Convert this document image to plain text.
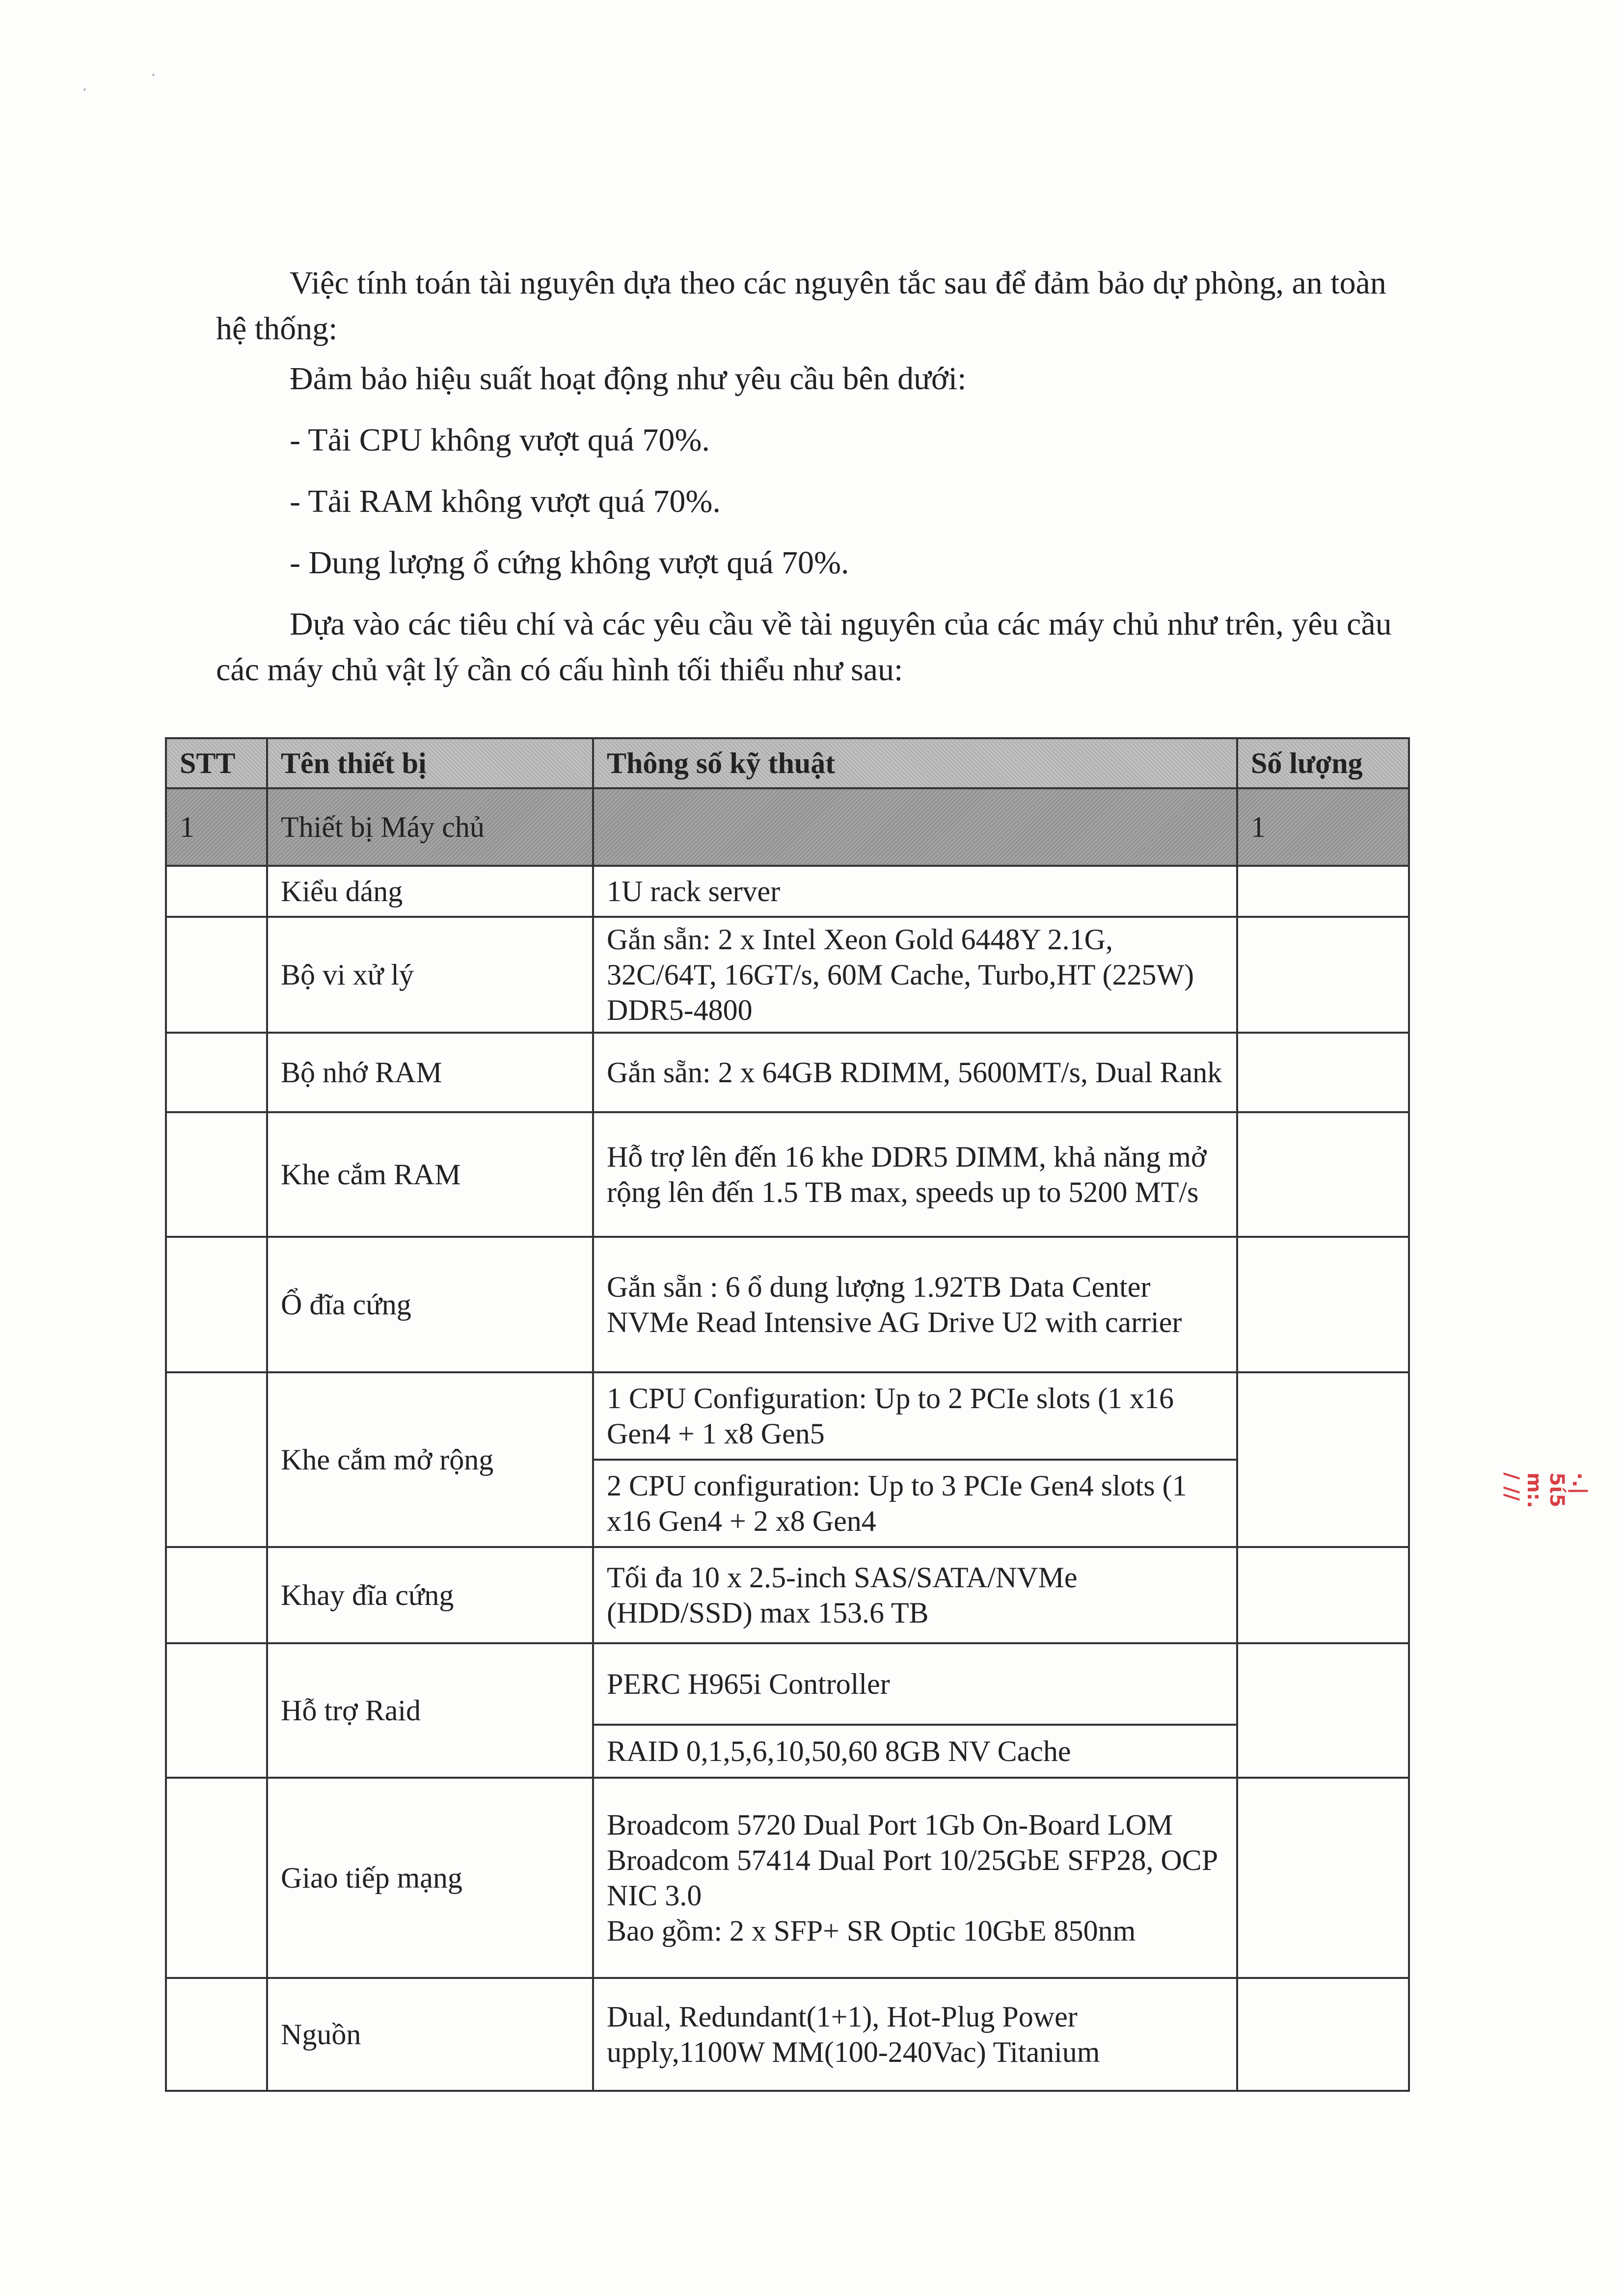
Việc tính toán tài nguyên dựa theo các nguyên tắc sau để đảm bảo dự phòng, an toàn hệ thống:

Đảm bảo hiệu suất hoạt động như yêu cầu bên dưới:

- Tải CPU không vượt quá 70%.

- Tải RAM không vượt quá 70%.

- Dung lượng ổ cứng không vượt quá 70%.

Dựa vào các tiêu chí và các yêu cầu về tài nguyên của các máy chủ như trên, yêu cầu các máy chủ vật lý cần có cấu hình tối thiểu như sau:

STT	Tên thiết bị	Thông số kỹ thuật	Số lượng
1	Thiết bị Máy chủ		1
	Kiểu dáng	1U rack server	
	Bộ vi xử lý	Gắn sẵn: 2 x Intel Xeon Gold 6448Y 2.1G, 32C/64T, 16GT/s, 60M Cache, Turbo,HT (225W) DDR5-4800	
	Bộ nhớ RAM	Gắn sẵn: 2 x 64GB RDIMM, 5600MT/s, Dual Rank	
	Khe cắm RAM	Hỗ trợ lên đến 16 khe DDR5 DIMM, khả năng mở rộng lên đến 1.5 TB max, speeds up to 5200 MT/s	
	Ổ đĩa cứng	Gắn sẵn : 6 ổ dung lượng 1.92TB Data Center NVMe Read Intensive AG Drive U2 with carrier	
	Khe cắm mở rộng	1 CPU Configuration: Up to 2 PCIe slots (1 x16 Gen4 + 1 x8 Gen5	
		2 CPU configuration: Up to 3 PCIe Gen4 slots (1 x16 Gen4 + 2 x8 Gen4	
	Khay đĩa cứng	Tối đa 10 x 2.5-inch SAS/SATA/NVMe (HDD/SSD) max 153.6 TB	
	Hỗ trợ Raid	PERC H965i Controller	
		RAID 0,1,5,6,10,50,60 8GB NV Cache	
	Giao tiếp mạng	Broadcom 5720 Dual Port 1Gb On-Board LOM
Broadcom 57414 Dual Port 10/25GbE SFP28, OCP NIC 3.0
Bao gồm: 2 x SFP+ SR Optic 10GbE 850nm	

	Nguồn	Dual, Redundant(1+1), Hot-Plug Power upply,1100W MM(100-240Vac) Titanium	
·.| 5ί5 m:. / //
